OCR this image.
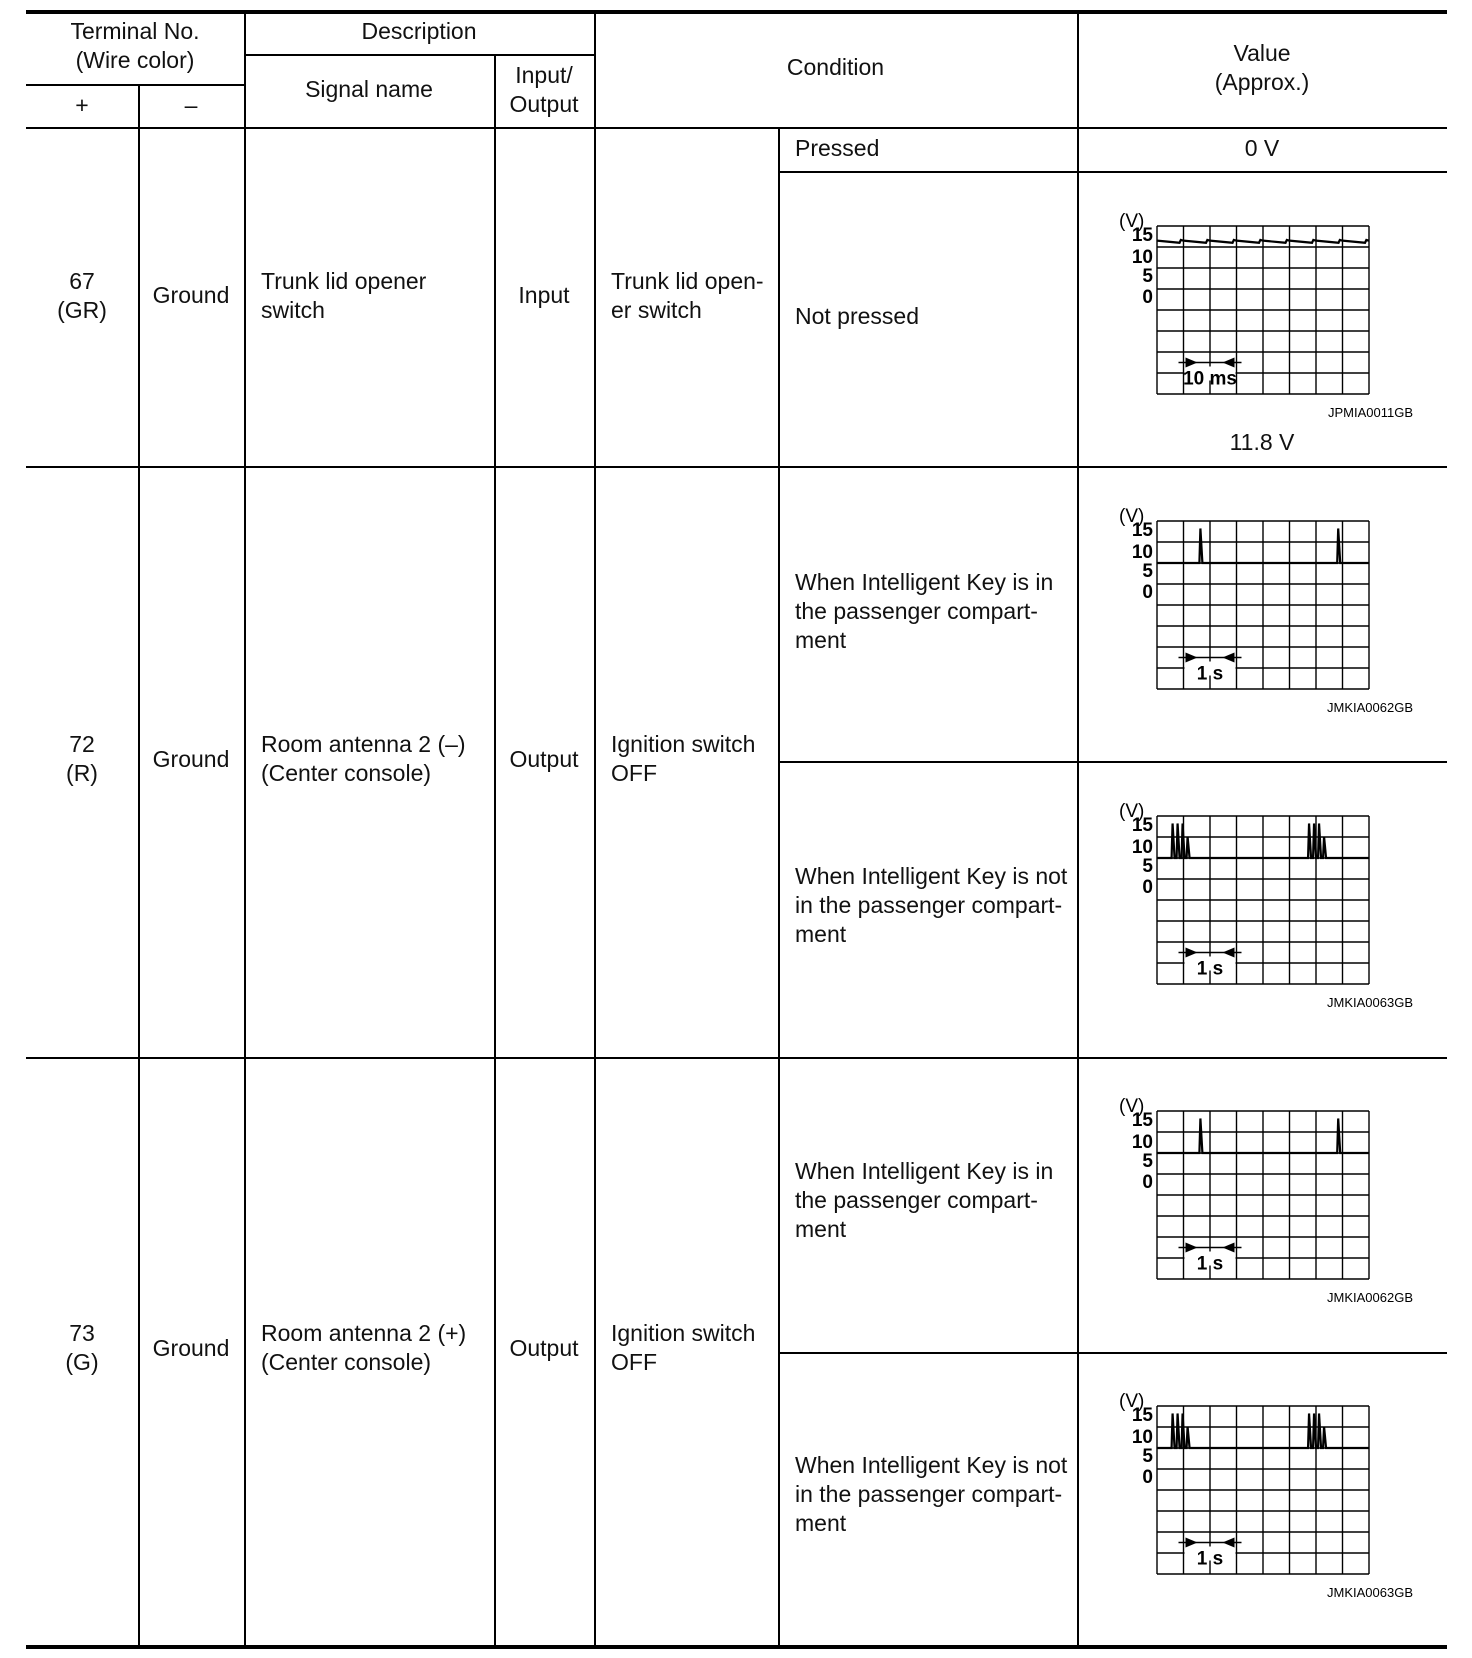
Terminal No.
(Wire color)
+	–
Description
Signal name
Input/
Output
Condition
Value
(Approx.)
67
(GR)
Ground
Trunk lid opener
switch
Input
Trunk lid open-
er switch
Pressed	0 V
Not pressed
11.8 V
72
(R)
Ground
Room antenna 2 (–)
(Center console)
Output
Ignition switch
OFF
When Intelligent Key is in
the passenger compart-
ment
When Intelligent Key is not
in the passenger compart-
ment
73
(G)
Ground
Room antenna 2 (+)
(Center console)
Output
Ignition switch
OFF
When Intelligent Key is in
the passenger compart-
ment
When Intelligent Key is not
in the passenger compart-
ment
(V)
15
10
5
0
10 ms
JPMIA0011GB
(V)
15
10
5
0
1 s
JMKIA0062GB
(V)
15
10
5
0
1 s
JMKIA0063GB
(V)
15
10
5
0
1 s
JMKIA0062GB
(V)
15
10
5
0
1 s
JMKIA0063GB
